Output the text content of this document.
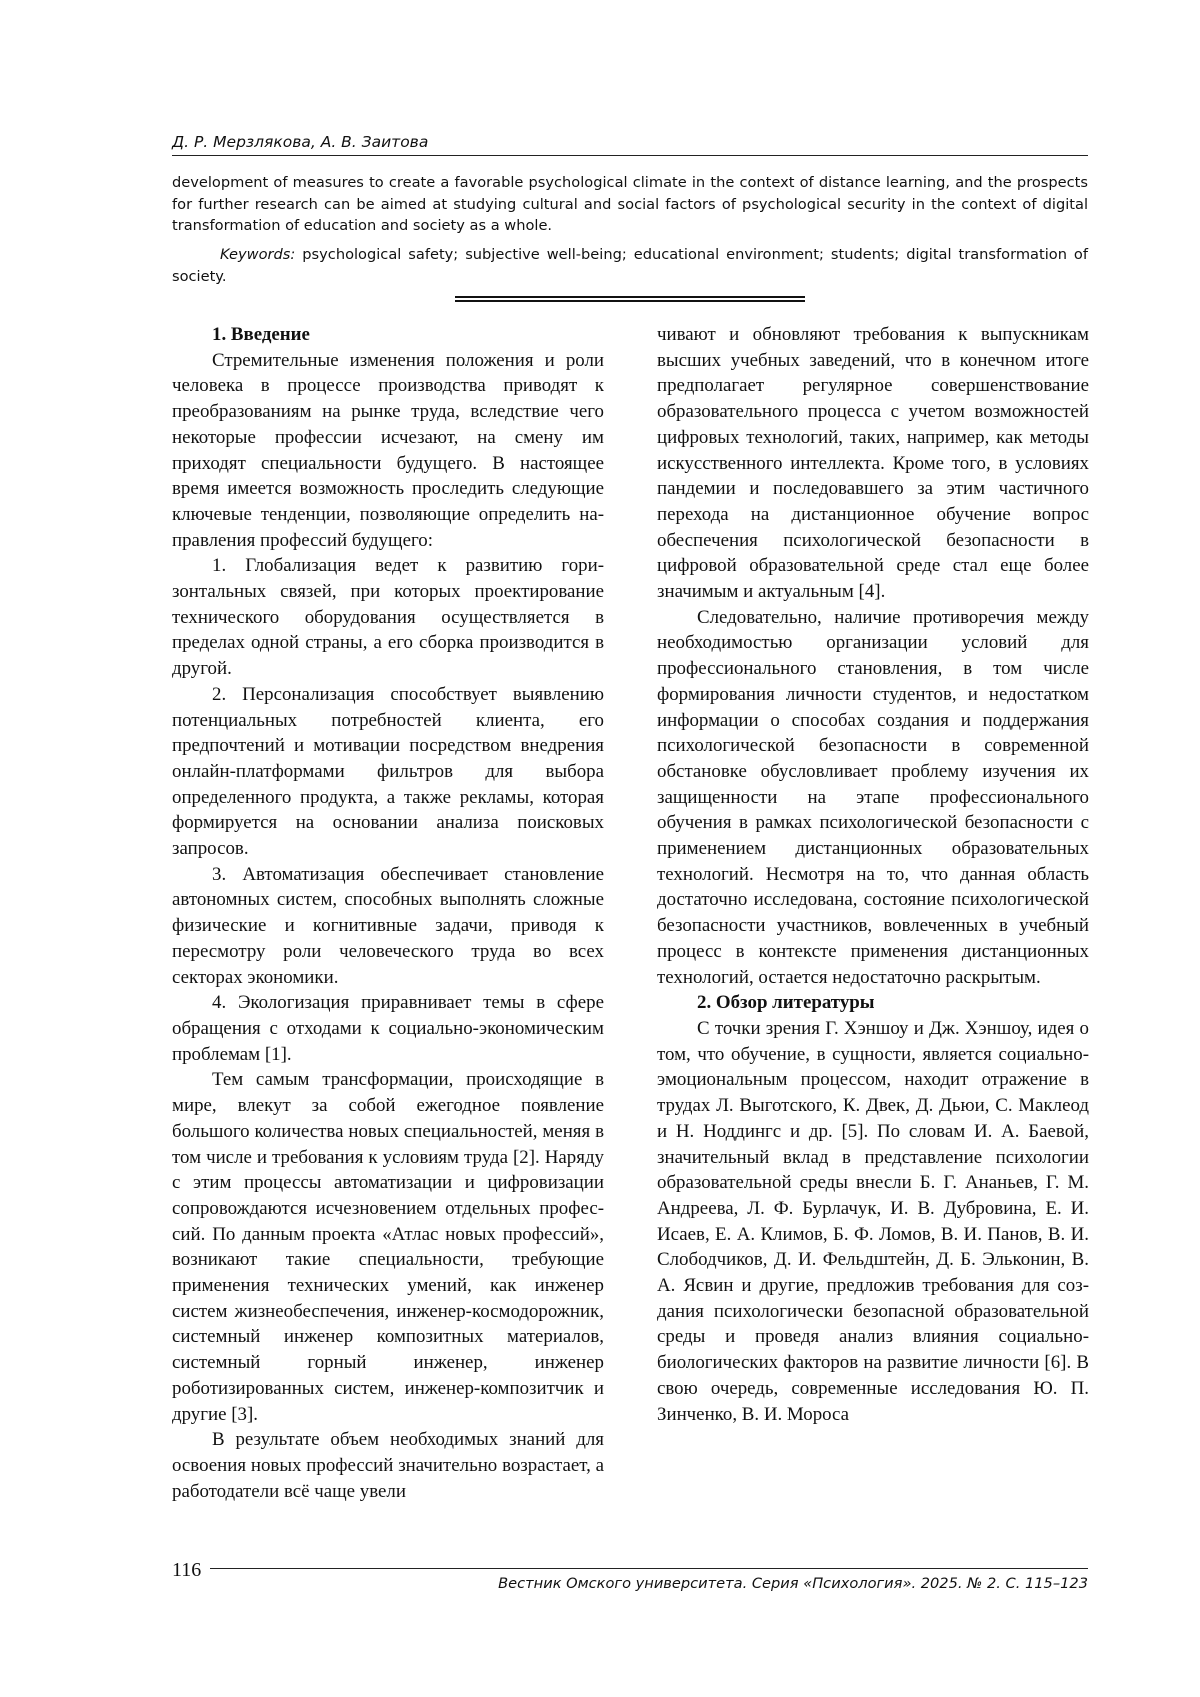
Д. Р. Мерзлякова, А. В. Заитова

development of measures to create a favorable psychological climate in the context of distance learning, and the prospects for further research can be aimed at studying cultural and social factors of psychological security in the context of digital transformation of education and society as a whole.

Keywords: psychological safety; subjective well-being; educational environment; students; digital transformation of society.

1. Введение

Стремительные изменения положения и роли человека в процессе производства приводят к преобразованиям на рынке труда, вследствие чего некоторые профессии исчезают, на смену им приходят специальности будущего. В настоящее время имеется возможность проследить следующие ключевые тенденции, позволяющие определить направления профессий будущего:

1. Глобализация ведет к развитию горизонтальных связей, при которых проектирование технического оборудования осуществляется в пределах одной страны, а его сборка производится в другой.

2. Персонализация способствует выявлению потенциальных потребностей клиента, его предпочтений и мотивации посредством внедрения онлайн-платформами фильтров для выбора определенного продукта, а также рекламы, которая формируется на основании анализа поисковых запросов.

3. Автоматизация обеспечивает становление автономных систем, способных выполнять сложные физические и когнитивные задачи, приводя к пересмотру роли человеческого труда во всех секторах экономики.

4. Экологизация приравнивает темы в сфере обращения с отходами к социально-экономическим проблемам [1].

Тем самым трансформации, происходящие в мире, влекут за собой ежегодное появление большого количества новых специальностей, меняя в том числе и требования к условиям труда [2]. Наряду с этим процессы автоматизации и цифровизации сопровождаются исчезновением отдельных профессий. По данным проекта «Атлас новых профессий», возникают такие специальности, требующие применения технических умений, как инженер систем жизнеобеспечения, инженер-космодорожник, системный инженер композитных материалов, системный горный инженер, инженер роботизированных систем, инженер-композитчик и другие [3].

В результате объем необходимых знаний для освоения новых профессий значительно возрастает, а работодатели всё чаще увели

чивают и обновляют требования к выпускникам высших учебных заведений, что в конечном итоге предполагает регулярное совершенствование образовательного процесса с учетом возможностей цифровых технологий, таких, например, как методы искусственного интеллекта. Кроме того, в условиях пандемии и последовавшего за этим частичного перехода на дистанционное обучение вопрос обеспечения психологической безопасности в цифровой образовательной среде стал еще более значимым и актуальным [4].

Следовательно, наличие противоречия между необходимостью организации условий для профессионального становления, в том числе формирования личности студентов, и недостатком информации о способах создания и поддержания психологической безопасности в современной обстановке обусловливает проблему изучения их защищенности на этапе профессионального обучения в рамках психологической безопасности с применением дистанционных образовательных технологий. Несмотря на то, что данная область достаточно исследована, состояние психологической безопасности участников, вовлеченных в учебный процесс в контексте применения дистанционных технологий, остается недостаточно раскрытым.

2. Обзор литературы

С точки зрения Г. Хэншоу и Дж. Хэншоу, идея о том, что обучение, в сущности, является социально-эмоциональным процессом, находит отражение в трудах Л. Выготского, К. Двек, Д. Дьюи, С. Маклеод и Н. Ноддингс и др. [5]. По словам И. А. Баевой, значительный вклад в представление психологии образовательной среды внесли Б. Г. Ананьев, Г. М. Андреева, Л. Ф. Бурлачук, И. В. Дубровина, Е. И. Исаев, Е. А. Климов, Б. Ф. Ломов, В. И. Панов, В. И. Слободчиков, Д. И. Фельдштейн, Д. Б. Эльконин, В. А. Ясвин и другие, предложив требования для создания психологически безопасной образовательной среды и проведя анализ влияния социально-биологических факторов на развитие личности [6]. В свою очередь, современные исследования Ю. П. Зинченко, В. И. Мороса

116
Вестник Омского университета. Серия «Психология». 2025. № 2. С. 115–123
